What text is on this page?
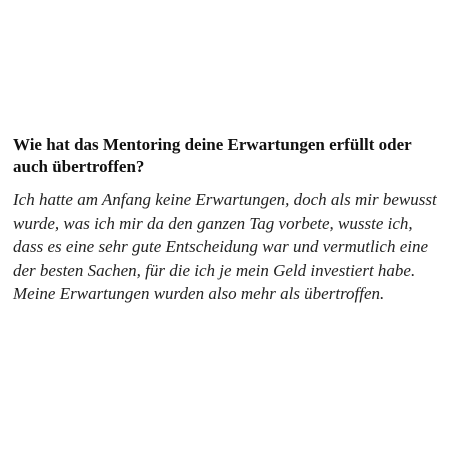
Wie hat das Mentoring deine Erwartungen erfüllt oder auch übertroffen?

Ich hatte am Anfang keine Erwartungen, doch als mir bewusst wurde, was ich mir da den ganzen Tag vorbete, wusste ich, dass es eine sehr gute Entscheidung war und vermutlich eine der besten Sachen, für die ich je mein Geld investiert habe. Meine Erwartungen wurden also mehr als übertroffen.
